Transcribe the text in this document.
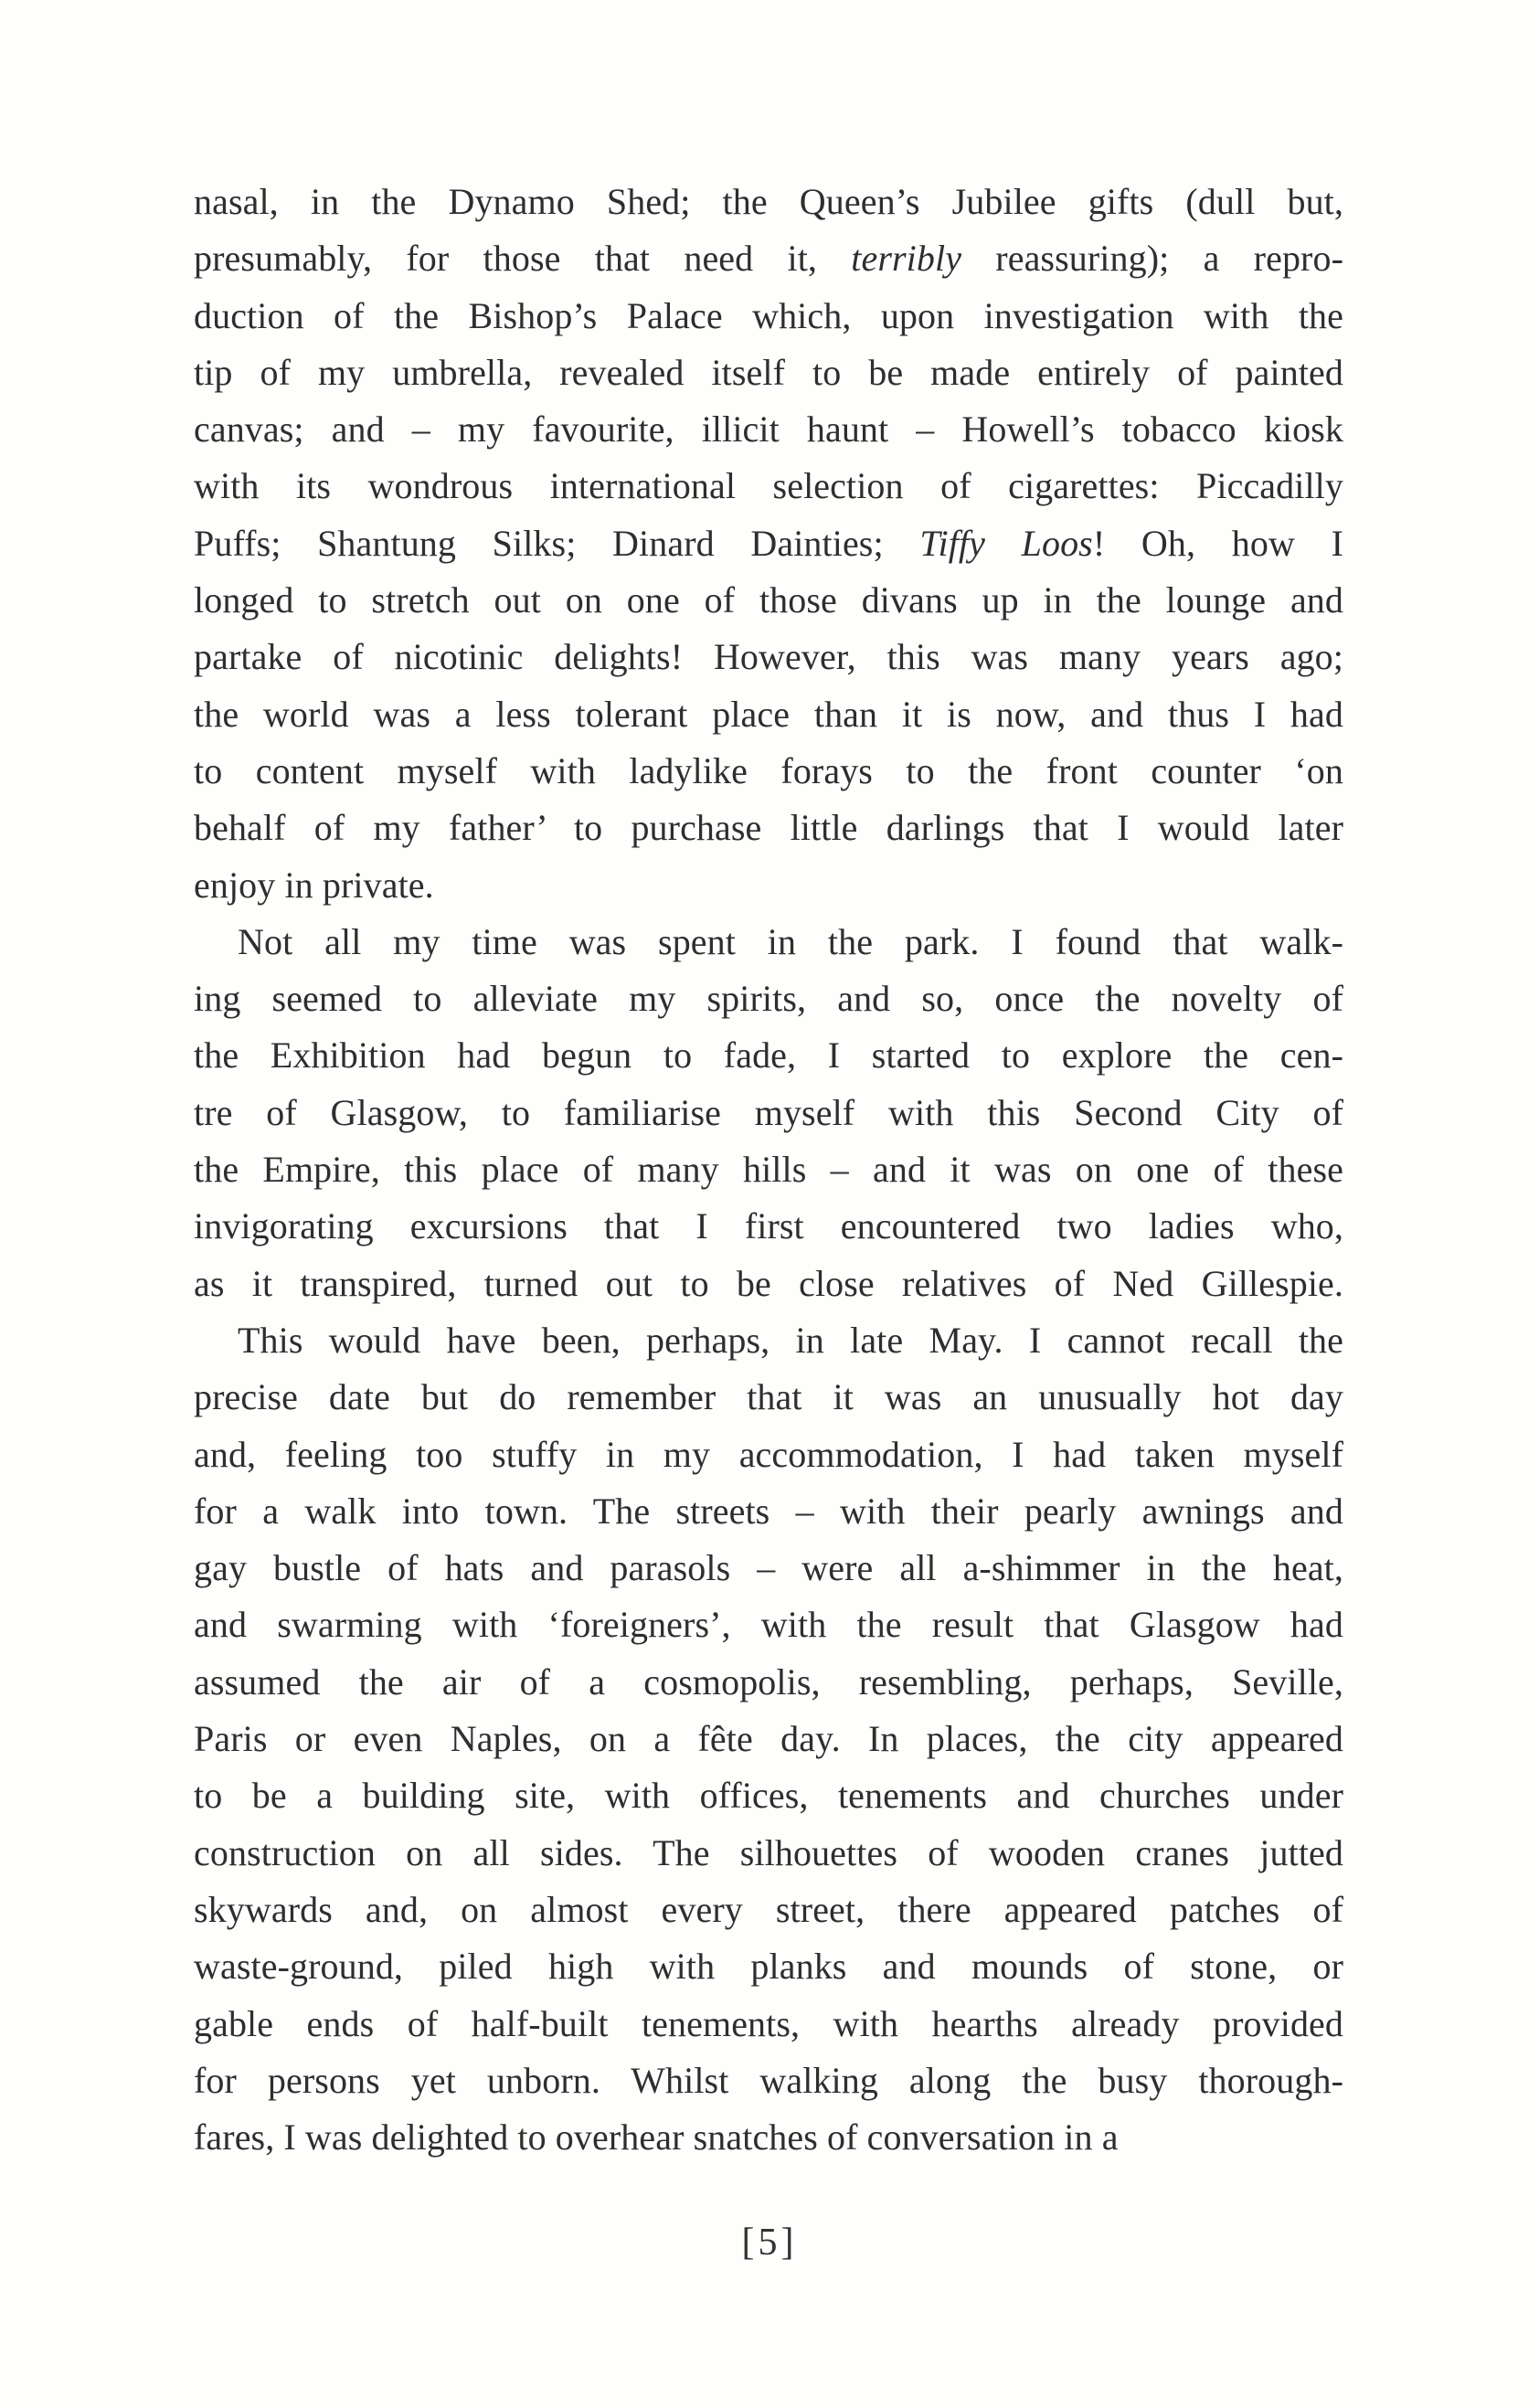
nasal, in the Dynamo Shed; the Queen’s Jubilee gifts (dull but,
presumably, for those that need it, terribly reassuring); a repro-
duction of the Bishop’s Palace which, upon investigation with the
tip of my umbrella, revealed itself to be made entirely of painted
canvas; and – my favourite, illicit haunt – Howell’s tobacco kiosk
with its wondrous international selection of cigarettes: Piccadilly
Puffs; Shantung Silks; Dinard Dainties; Tiffy Loos! Oh, how I
longed to stretch out on one of those divans up in the lounge and
partake of nicotinic delights! However, this was many years ago;
the world was a less tolerant place than it is now, and thus I had
to content myself with ladylike forays to the front counter ‘on
behalf of my father’ to purchase little darlings that I would later
enjoy in private.
Not all my time was spent in the park. I found that walk-
ing seemed to alleviate my spirits, and so, once the novelty of
the Exhibition had begun to fade, I started to explore the cen-
tre of Glasgow, to familiarise myself with this Second City of
the Empire, this place of many hills – and it was on one of these
invigorating excursions that I first encountered two ladies who,
as it transpired, turned out to be close relatives of Ned Gillespie.
This would have been, perhaps, in late May. I cannot recall the
precise date but do remember that it was an unusually hot day
and, feeling too stuffy in my accommodation, I had taken myself
for a walk into town. The streets – with their pearly awnings and
gay bustle of hats and parasols – were all a-shimmer in the heat,
and swarming with ‘foreigners’, with the result that Glasgow had
assumed the air of a cosmopolis, resembling, perhaps, Seville,
Paris or even Naples, on a fête day. In places, the city appeared
to be a building site, with offices, tenements and churches under
construction on all sides. The silhouettes of wooden cranes jutted
skywards and, on almost every street, there appeared patches of
waste-ground, piled high with planks and mounds of stone, or
gable ends of half-built tenements, with hearths already provided
for persons yet unborn. Whilst walking along the busy thorough-
fares, I was delighted to overhear snatches of conversation in a
[5]
